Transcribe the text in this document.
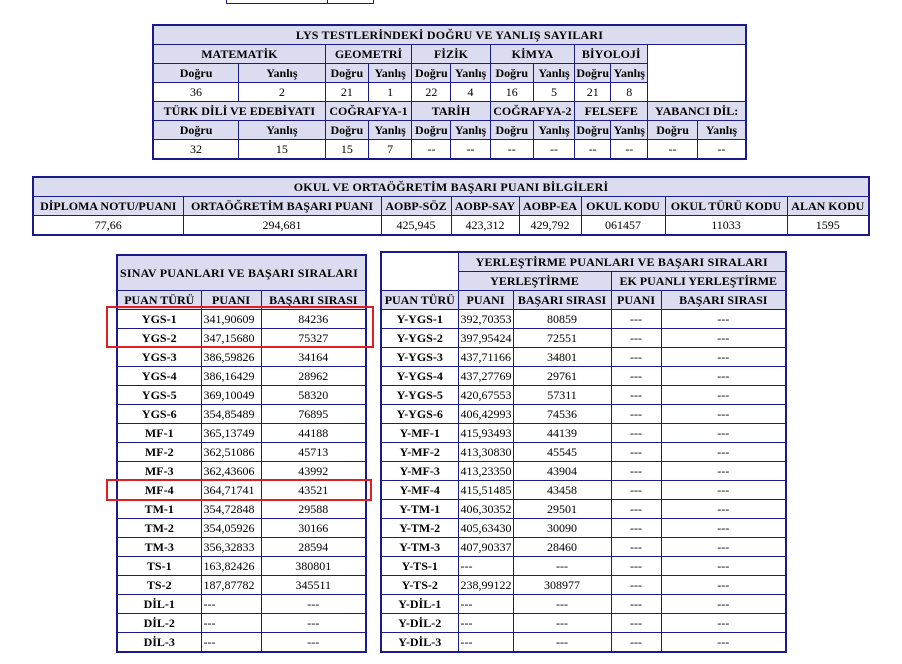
LYS TESTLERİNDEKİ DOĞRU VE YANLIŞ SAYILARI											
MATEMATİK		GEOMETRİ		FİZİK		KİMYA		BİYOLOJİ			
Doğru	Yanlış	Doğru	Yanlış	Doğru	Yanlış	Doğru	Yanlış	Doğru	Yanlış		
36	2	21	1	22	4	16	5	21	8		
TÜRK DİLİ VE EDEBİYATI		COĞRAFYA-1		TARİH		COĞRAFYA-2		FELSEFE		YABANCI DİL:	
Doğru	Yanlış	Doğru	Yanlış	Doğru	Yanlış	Doğru	Yanlış	Doğru	Yanlış	Doğru	Yanlış
32	15	15	7	--	--	--	--	--	--	--	--
OKUL VE ORTAÖĞRETİM BAŞARI PUANI BİLGİLERİ							
DİPLOMA NOTU/PUANI	ORTAÖĞRETİM BAŞARI PUANI	AOBP-SÖZ	AOBP-SAY	AOBP-EA	OKUL KODU	OKUL TÜRÜ KODU	ALAN KODU
77,66	294,681	425,945	423,312	429,792	061457	11033	1595
SINAV PUANLARI VE BAŞARI SIRALARI		
PUAN TÜRÜ	PUANI	BAŞARI SIRASI
YGS-1	341,90609	84236
YGS-2	347,15680	75327
YGS-3	386,59826	34164
YGS-4	386,16429	28962
YGS-5	369,10049	58320
YGS-6	354,85489	76895
MF-1	365,13749	44188
MF-2	362,51086	45713
MF-3	362,43606	43992
MF-4	364,71741	43521
TM-1	354,72848	29588
TM-2	354,05926	30166
TM-3	356,32833	28594
TS-1	163,82426	380801
TS-2	187,87782	345511
DİL-1	---	---
DİL-2	---	---
DİL-3	---	---
	YERLEŞTİRME PUANLARI VE BAŞARI SIRALARI			
	YERLEŞTİRME		EK PUANLI YERLEŞTİRME	
PUAN TÜRÜ	PUANI	BAŞARI SIRASI	PUANI	BAŞARI SIRASI
Y-YGS-1	392,70353	80859	---	---
Y-YGS-2	397,95424	72551	---	---
Y-YGS-3	437,71166	34801	---	---
Y-YGS-4	437,27769	29761	---	---
Y-YGS-5	420,67553	57311	---	---
Y-YGS-6	406,42993	74536	---	---
Y-MF-1	415,93493	44139	---	---
Y-MF-2	413,30830	45545	---	---
Y-MF-3	413,23350	43904	---	---
Y-MF-4	415,51485	43458	---	---
Y-TM-1	406,30352	29501	---	---
Y-TM-2	405,63430	30090	---	---
Y-TM-3	407,90337	28460	---	---
Y-TS-1	---	---	---	---
Y-TS-2	238,99122	308977	---	---
Y-DİL-1	---	---	---	---
Y-DİL-2	---	---	---	---
Y-DİL-3	---	---	---	---
